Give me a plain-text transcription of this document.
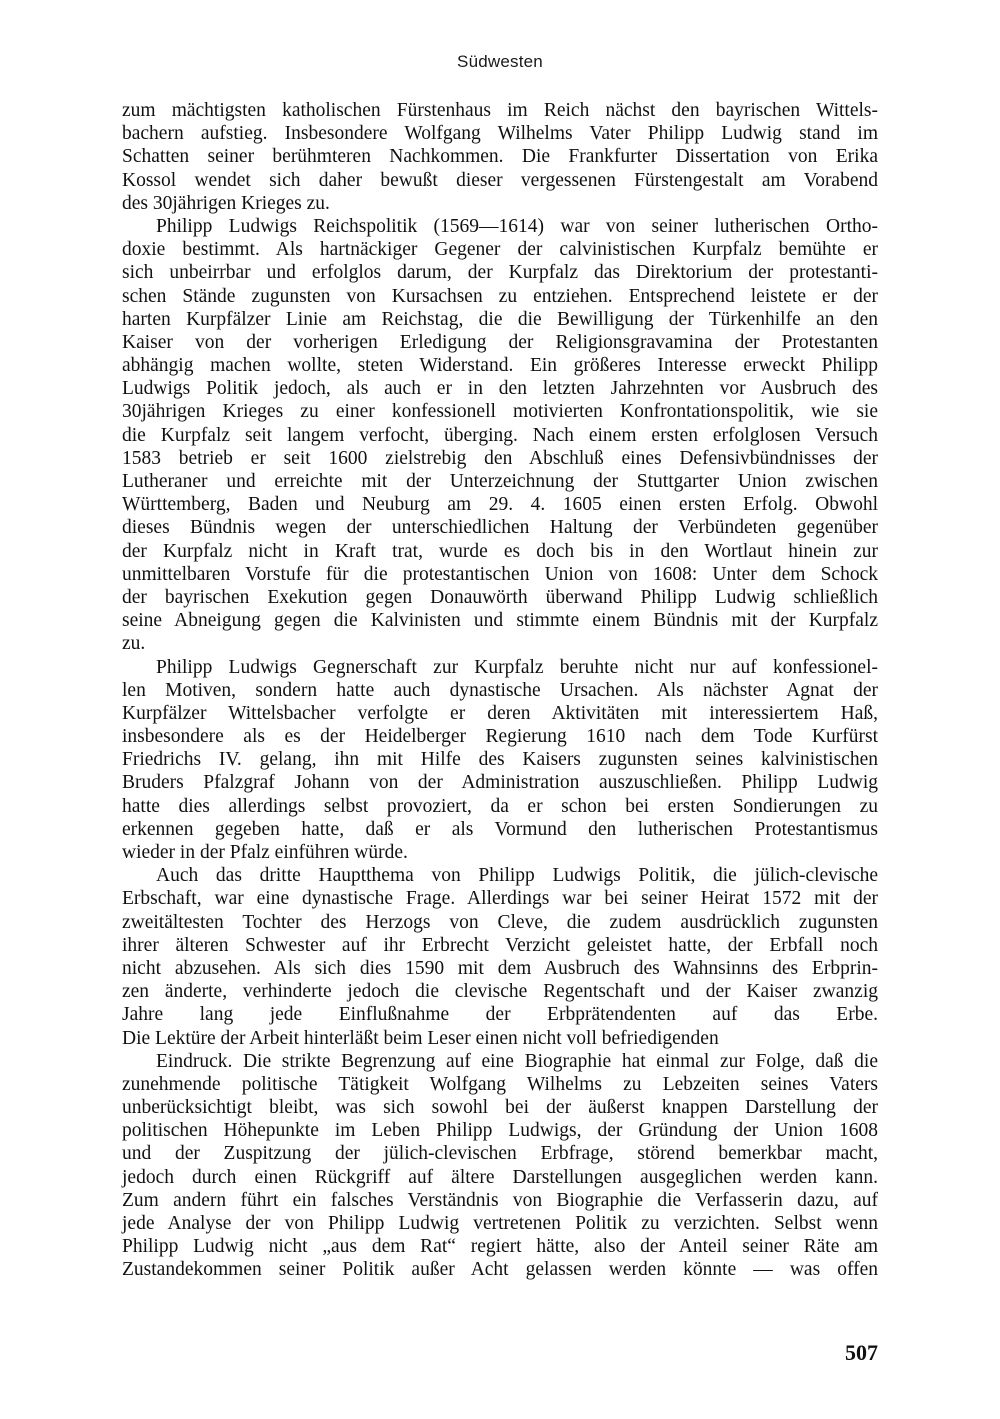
Südwesten
zum mächtigsten katholischen Fürstenhaus im Reich nächst den bayrischen Wittels-
bachern aufstieg. Insbesondere Wolfgang Wilhelms Vater Philipp Ludwig stand im
Schatten seiner berühmteren Nachkommen. Die Frankfurter Dissertation von Erika
Kossol wendet sich daher bewußt dieser vergessenen Fürstengestalt am Vorabend
des 30jährigen Krieges zu.
Philipp Ludwigs Reichspolitik (1569—1614) war von seiner lutherischen Ortho-
doxie bestimmt. Als hartnäckiger Gegener der calvinistischen Kurpfalz bemühte er
sich unbeirrbar und erfolglos darum, der Kurpfalz das Direktorium der protestanti-
schen Stände zugunsten von Kursachsen zu entziehen. Entsprechend leistete er der
harten Kurpfälzer Linie am Reichstag, die die Bewilligung der Türkenhilfe an den
Kaiser von der vorherigen Erledigung der Religionsgravamina der Protestanten
abhängig machen wollte, steten Widerstand. Ein größeres Interesse erweckt Philipp
Ludwigs Politik jedoch, als auch er in den letzten Jahrzehnten vor Ausbruch des
30jährigen Krieges zu einer konfessionell motivierten Konfrontationspolitik, wie sie
die Kurpfalz seit langem verfocht, überging. Nach einem ersten erfolglosen Versuch
1583 betrieb er seit 1600 zielstrebig den Abschluß eines Defensivbündnisses der
Lutheraner und erreichte mit der Unterzeichnung der Stuttgarter Union zwischen
Württemberg, Baden und Neuburg am 29. 4. 1605 einen ersten Erfolg. Obwohl
dieses Bündnis wegen der unterschiedlichen Haltung der Verbündeten gegenüber
der Kurpfalz nicht in Kraft trat, wurde es doch bis in den Wortlaut hinein zur
unmittelbaren Vorstufe für die protestantischen Union von 1608: Unter dem Schock
der bayrischen Exekution gegen Donauwörth überwand Philipp Ludwig schließlich
seine Abneigung gegen die Kalvinisten und stimmte einem Bündnis mit der Kurpfalz
zu.
Philipp Ludwigs Gegnerschaft zur Kurpfalz beruhte nicht nur auf konfessionel-
len Motiven, sondern hatte auch dynastische Ursachen. Als nächster Agnat der
Kurpfälzer Wittelsbacher verfolgte er deren Aktivitäten mit interessiertem Haß,
insbesondere als es der Heidelberger Regierung 1610 nach dem Tode Kurfürst
Friedrichs IV. gelang, ihn mit Hilfe des Kaisers zugunsten seines kalvinistischen
Bruders Pfalzgraf Johann von der Administration auszuschließen. Philipp Ludwig
hatte dies allerdings selbst provoziert, da er schon bei ersten Sondierungen zu
erkennen gegeben hatte, daß er als Vormund den lutherischen Protestantismus
wieder in der Pfalz einführen würde.
Auch das dritte Hauptthema von Philipp Ludwigs Politik, die jülich-clevische
Erbschaft, war eine dynastische Frage. Allerdings war bei seiner Heirat 1572 mit der
zweitältesten Tochter des Herzogs von Cleve, die zudem ausdrücklich zugunsten
ihrer älteren Schwester auf ihr Erbrecht Verzicht geleistet hatte, der Erbfall noch
nicht abzusehen. Als sich dies 1590 mit dem Ausbruch des Wahnsinns des Erbprin-
zen änderte, verhinderte jedoch die clevische Regentschaft und der Kaiser zwanzig
Jahre lang jede Einflußnahme der Erbprätendenten auf das Erbe.
Die Lektüre der Arbeit hinterläßt beim Leser einen nicht voll befriedigenden
Eindruck. Die strikte Begrenzung auf eine Biographie hat einmal zur Folge, daß die
zunehmende politische Tätigkeit Wolfgang Wilhelms zu Lebzeiten seines Vaters
unberücksichtigt bleibt, was sich sowohl bei der äußerst knappen Darstellung der
politischen Höhepunkte im Leben Philipp Ludwigs, der Gründung der Union 1608
und der Zuspitzung der jülich-clevischen Erbfrage, störend bemerkbar macht,
jedoch durch einen Rückgriff auf ältere Darstellungen ausgeglichen werden kann.
Zum andern führt ein falsches Verständnis von Biographie die Verfasserin dazu, auf
jede Analyse der von Philipp Ludwig vertretenen Politik zu verzichten. Selbst wenn
Philipp Ludwig nicht „aus dem Rat“ regiert hätte, also der Anteil seiner Räte am
Zustandekommen seiner Politik außer Acht gelassen werden könnte — was offen
507
